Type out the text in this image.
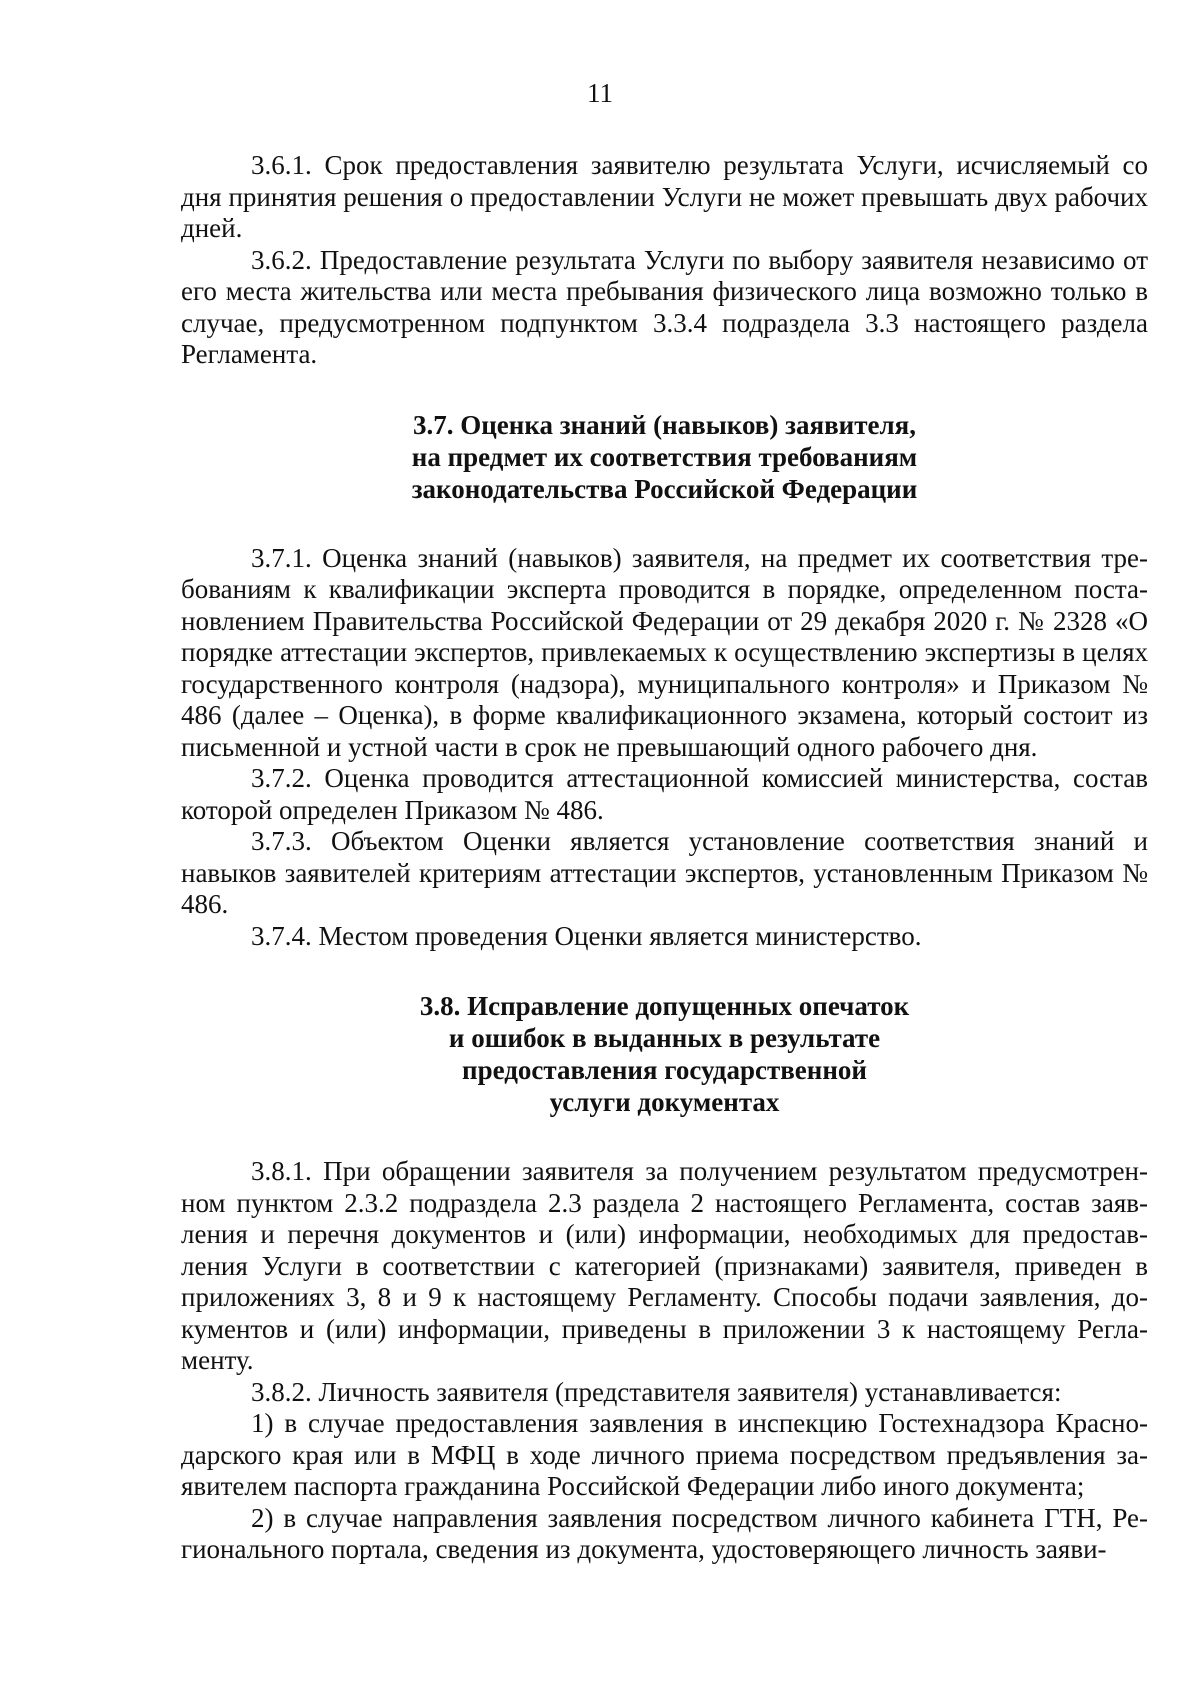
11

3.6.1. Срок предоставления заявителю результата Услуги, исчисляемый со дня принятия решения о предоставлении Услуги не может превышать двух рабочих дней.

3.6.2. Предоставление результата Услуги по выбору заявителя независимо от его места жительства или места пребывания физического лица возможно только в случае, предусмотренном подпунктом 3.3.4 подраздела 3.3 настоящего раздела Регламента.

3.7. Оценка знаний (навыков) заявителя,
на предмет их соответствия требованиям
законодательства Российской Федерации

3.7.1. Оценка знаний (навыков) заявителя, на предмет их соответствия требованиям к квалификации эксперта проводится в порядке, определенном постановлением Правительства Российской Федерации от 29 декабря 2020 г. № 2328 «О порядке аттестации экспертов, привлекаемых к осуществлению экспертизы в целях государственного контроля (надзора), муниципального контроля» и Приказом № 486 (далее – Оценка), в форме квалификационного экзамена, который состоит из письменной и устной части в срок не превышающий одного рабочего дня.

3.7.2. Оценка проводится аттестационной комиссией министерства, состав которой определен Приказом № 486.

3.7.3. Объектом Оценки является установление соответствия знаний и навыков заявителей критериям аттестации экспертов, установленным Приказом № 486.

3.7.4. Местом проведения Оценки является министерство.

3.8. Исправление допущенных опечаток
и ошибок в выданных в результате
предоставления государственной
услуги документах

3.8.1. При обращении заявителя за получением результатом предусмотренном пунктом 2.3.2 подраздела 2.3 раздела 2 настоящего Регламента, состав заявления и перечня документов и (или) информации, необходимых для предоставления Услуги в соответствии с категорией (признаками) заявителя, приведен в приложениях 3, 8 и 9 к настоящему Регламенту. Способы подачи заявления, документов и (или) информации, приведены в приложении 3 к настоящему Регламенту.

3.8.2. Личность заявителя (представителя заявителя) устанавливается:

1) в случае предоставления заявления в инспекцию Гостехнадзора Краснодарского края или в МФЦ в ходе личного приема посредством предъявления заявителем паспорта гражданина Российской Федерации либо иного документа;

2) в случае направления заявления посредством личного кабинета ГТН, Регионального портала, сведения из документа, удостоверяющего личность заяви-
